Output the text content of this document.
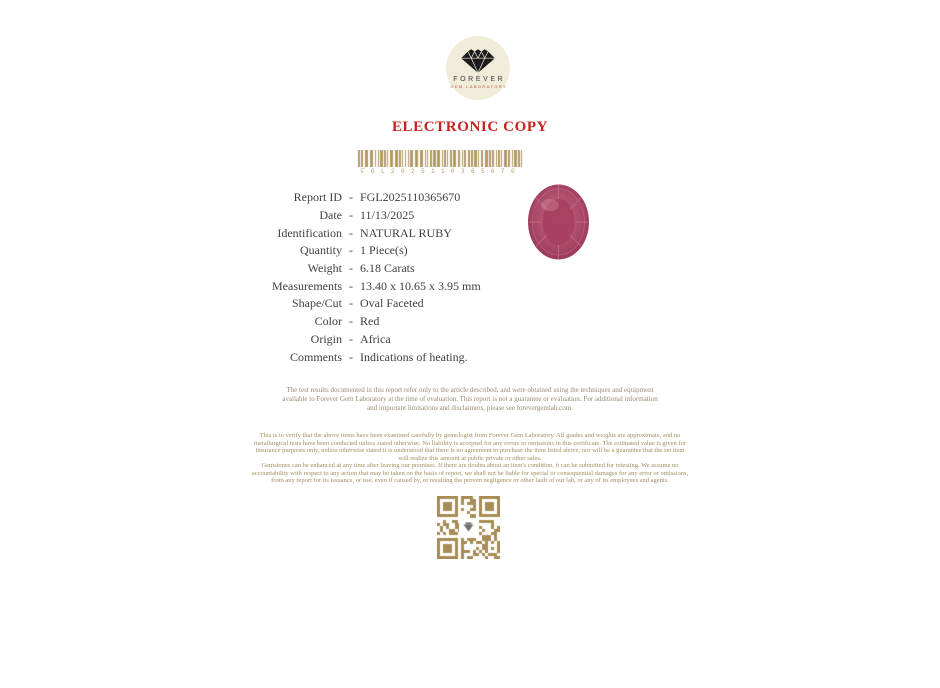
FOREVER
GEM LABORATORY
ELECTRONIC COPY
FGL2025110365670
Report ID - FGL2025110365670
Date - 11/13/2025
Identification - NATURAL RUBY
Quantity - 1 Piece(s)
Weight - 6.18 Carats
Measurements - 13.40 x 10.65 x 3.95 mm
Shape/Cut - Oval Faceted
Color - Red
Origin - Africa
Comments - Indications of heating.
The test results documented in this report refer only to the article described, and were obtained using the techniques and equipment available to Forever Gem Laboratory at the time of evaluation. This report is not a guarantee or evaluation. For additional information and important limitations and disclaimers, please see forevergemlab.com.
This is to verify that the above items have been examined carefully by gemologist from Forever Gem Laboratory. All grades and weights are approximate, and no metallurgical tests have been conducted unless stated otherwise. No liability is accepted for any errors or omissions in this certificate. The estimated value is given for insurance purposes only, unless otherwise stated it is understood that there is no agreement to purchase the item listed above, nor will be a guarantee that the set item will realize this amount at public private or other sales.
Gemstones can be enhanced at any time after leaving our premises. If there are doubts about an item's condition, it can be submitted for retesting. We assume no accountability with respect to any action that may be taken on the basis of report, we shall not be liable for special or consequential damages for any error or omissions, from any report for its issuance, or use, even if caused by, or resulting the proven negligence or other fault of our lab, or any of its employees and agents.
